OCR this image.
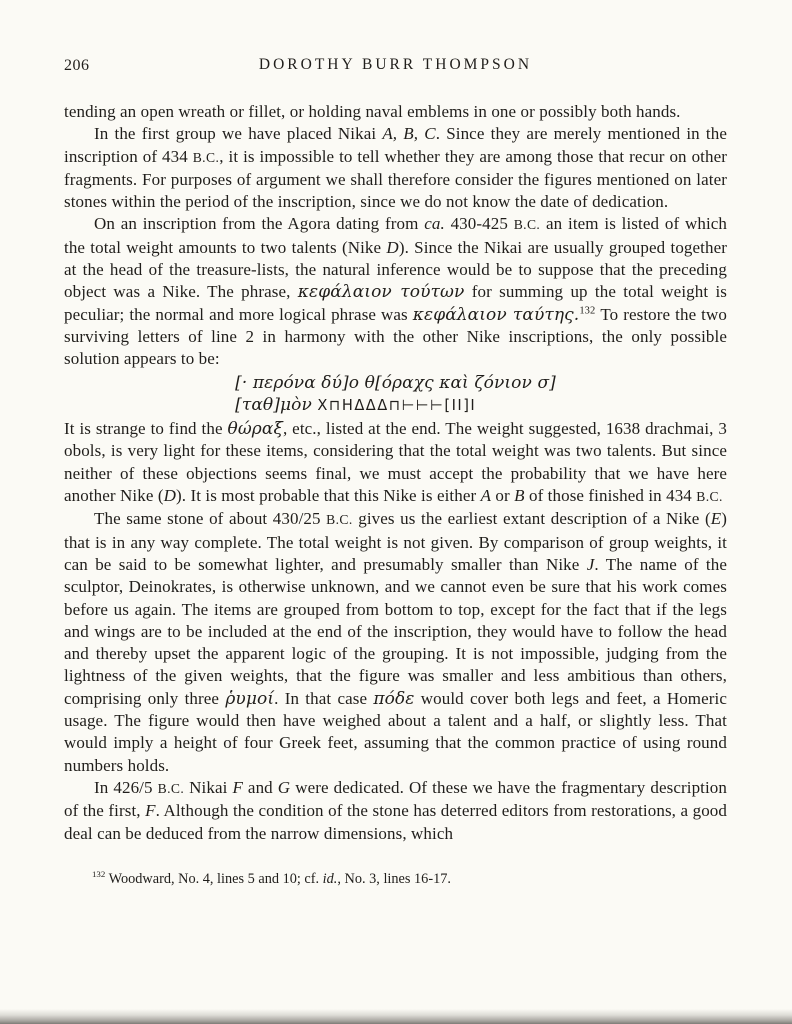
206	DOROTHY BURR THOMPSON

tending an open wreath or fillet, or holding naval emblems in one or possibly both hands.

In the first group we have placed Nikai A, B, C. Since they are merely mentioned in the inscription of 434 B.C., it is impossible to tell whether they are among those that recur on other fragments. For purposes of argument we shall therefore consider the figures mentioned on later stones within the period of the inscription, since we do not know the date of dedication.

On an inscription from the Agora dating from ca. 430-425 B.C. an item is listed of which the total weight amounts to two talents (Nike D). Since the Nikai are usually grouped together at the head of the treasure-lists, the natural inference would be to suppose that the preceding object was a Nike. The phrase, κεφάλαιον τούτων for summing up the total weight is peculiar; the normal and more logical phrase was κεφάλαιον ταύτης.$^{132}$ To restore the two surviving letters of line 2 in harmony with the other Nike inscriptions, the only possible solution appears to be:

[· περόνα δύ]ο θ[όραχς καὶ ζόνιον σ]
[ταθ]μὸν Χ⊓ΗΔΔΔ⊓⊢⊢⊢[ΙΙ]Ι

It is strange to find the θώραξ, etc., listed at the end. The weight suggested, 1638 drachmai, 3 obols, is very light for these items, considering that the total weight was two talents. But since neither of these objections seems final, we must accept the probability that we have here another Nike (D). It is most probable that this Nike is either A or B of those finished in 434 B.C.

The same stone of about 430/25 B.C. gives us the earliest extant description of a Nike (E) that is in any way complete. The total weight is not given. By comparison of group weights, it can be said to be somewhat lighter, and presumably smaller than Nike J. The name of the sculptor, Deinokrates, is otherwise unknown, and we cannot even be sure that his work comes before us again. The items are grouped from bottom to top, except for the fact that if the legs and wings are to be included at the end of the inscription, they would have to follow the head and thereby upset the apparent logic of the grouping. It is not impossible, judging from the lightness of the given weights, that the figure was smaller and less ambitious than others, comprising only three ῥυμοί. In that case πόδε would cover both legs and feet, a Homeric usage. The figure would then have weighed about a talent and a half, or slightly less. That would imply a height of four Greek feet, assuming that the common practice of using round numbers holds.

In 426/5 B.C. Nikai F and G were dedicated. Of these we have the fragmentary description of the first, F. Although the condition of the stone has deterred editors from restorations, a good deal can be deduced from the narrow dimensions, which

$^{132}$ Woodward, No. 4, lines 5 and 10; cf. id., No. 3, lines 16-17.
